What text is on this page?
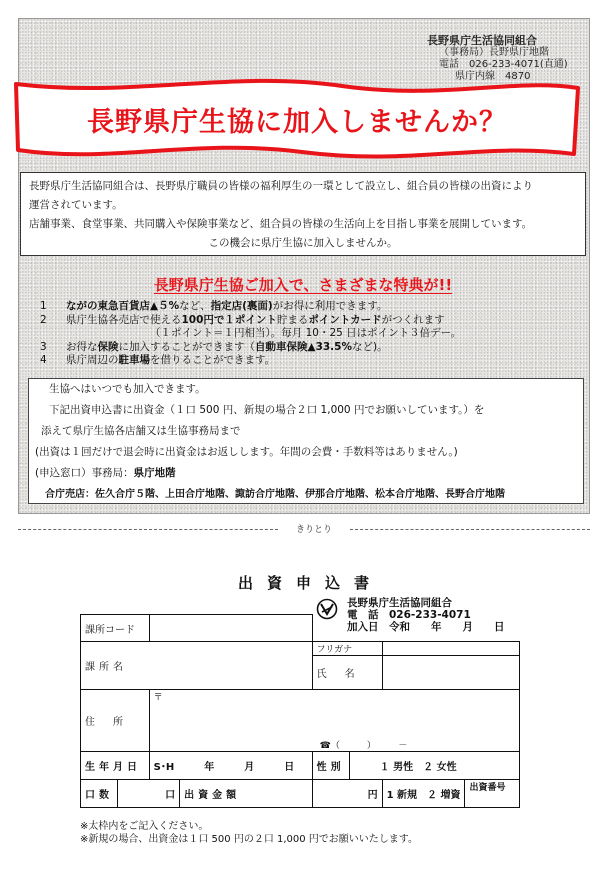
長野県庁生活協同組合
（事務局）長野県庁地階
電話　026-233-4071(直通)
県庁内線　4870
長野県庁生協に加入しませんか？
長野県庁生活協同組合は、長野県庁職員の皆様の福利厚生の一環として設立し、組合員の皆様の出資により
運営されています。
店舗事業、食堂事業、共同購入や保険事業など、組合員の皆様の生活向上を目指し事業を展開しています。
この機会に県庁生協に加入しませんか。
長野県庁生協ご加入で、さまざまな特典が!!
1	ながの東急百貨店▲５%など、指定店(裏面)がお得に利用できます。
2	県庁生協各売店で使える100円で１ポイント貯まるポイントカードがつくれます
（１ポイント＝１円相当）。毎月 10・25 日はポイント３倍デー。
3	お得な保険に加入することができます（自動車保険▲33.5%など)。
4	県庁周辺の駐車場を借りることができます。
生協へはいつでも加入できます。
下記出資申込書に出資金（１口 500 円、新規の場合２口 1,000 円でお願いしています。）を
添えて県庁生協各店舗又は生協事務局まで
(出資は１回だけで退会時に出資金はお返しします。年間の会費・手数料等はありません。)
(申込窓口）事務局：県庁地階
合庁売店：佐久合庁５階、上田合庁地階、諏訪合庁地階、伊那合庁地階、松本合庁地階、長野合庁地階
きりとり
出資申込書
長野県庁生活協同組合
電　話　026-233-4071
加入日　令和　　年　　月　　日
課所コード							
課所名				フリガナ			
				氏　名			
住　所		〒					
		☎（　　　）　　　－					
生年月日		S･H　　　年　　　月　　　日		性別	１ 男性　２ 女性		
口数	口		出資金額	円		1 新規　２ 増資	出資番号
※太枠内をご記入ください。
※新規の場合、出資金は１口 500 円の２口 1,000 円でお願いいたします。
